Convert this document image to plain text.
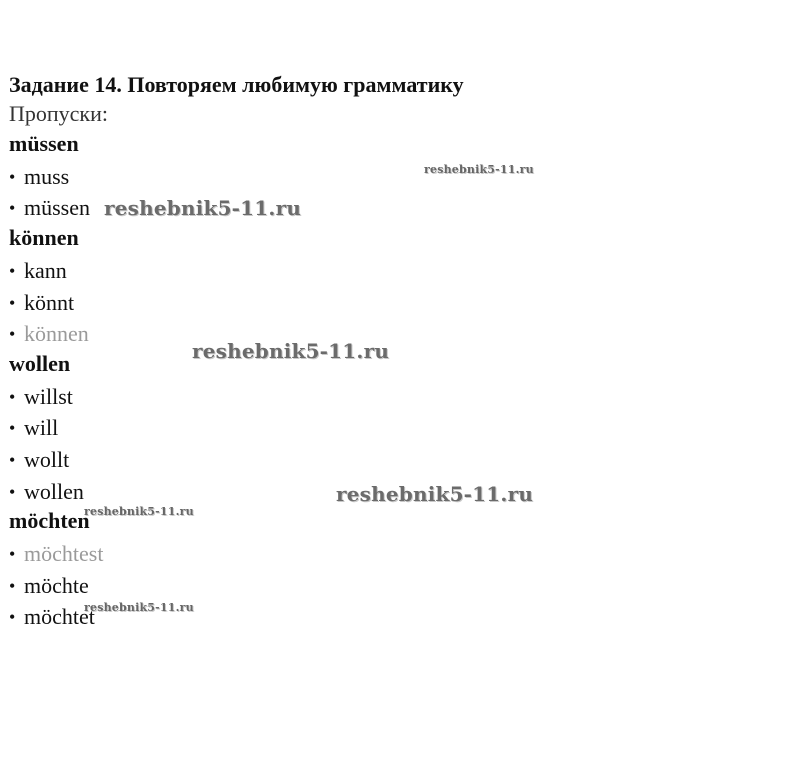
Задание 14. Повторяем любимую грамматику
Пропуски:
müssen
• muss
• müssen
können
• kann
• könnt
• können
wollen
• willst
• will
• wollt
• wollen
möchten
• möchtest
• möchte
• möchtet
reshebnik5-11.ru
reshebnik5-11.ru
reshebnik5-11.ru
reshebnik5-11.ru
reshebnik5-11.ru
reshebnik5-11.ru
